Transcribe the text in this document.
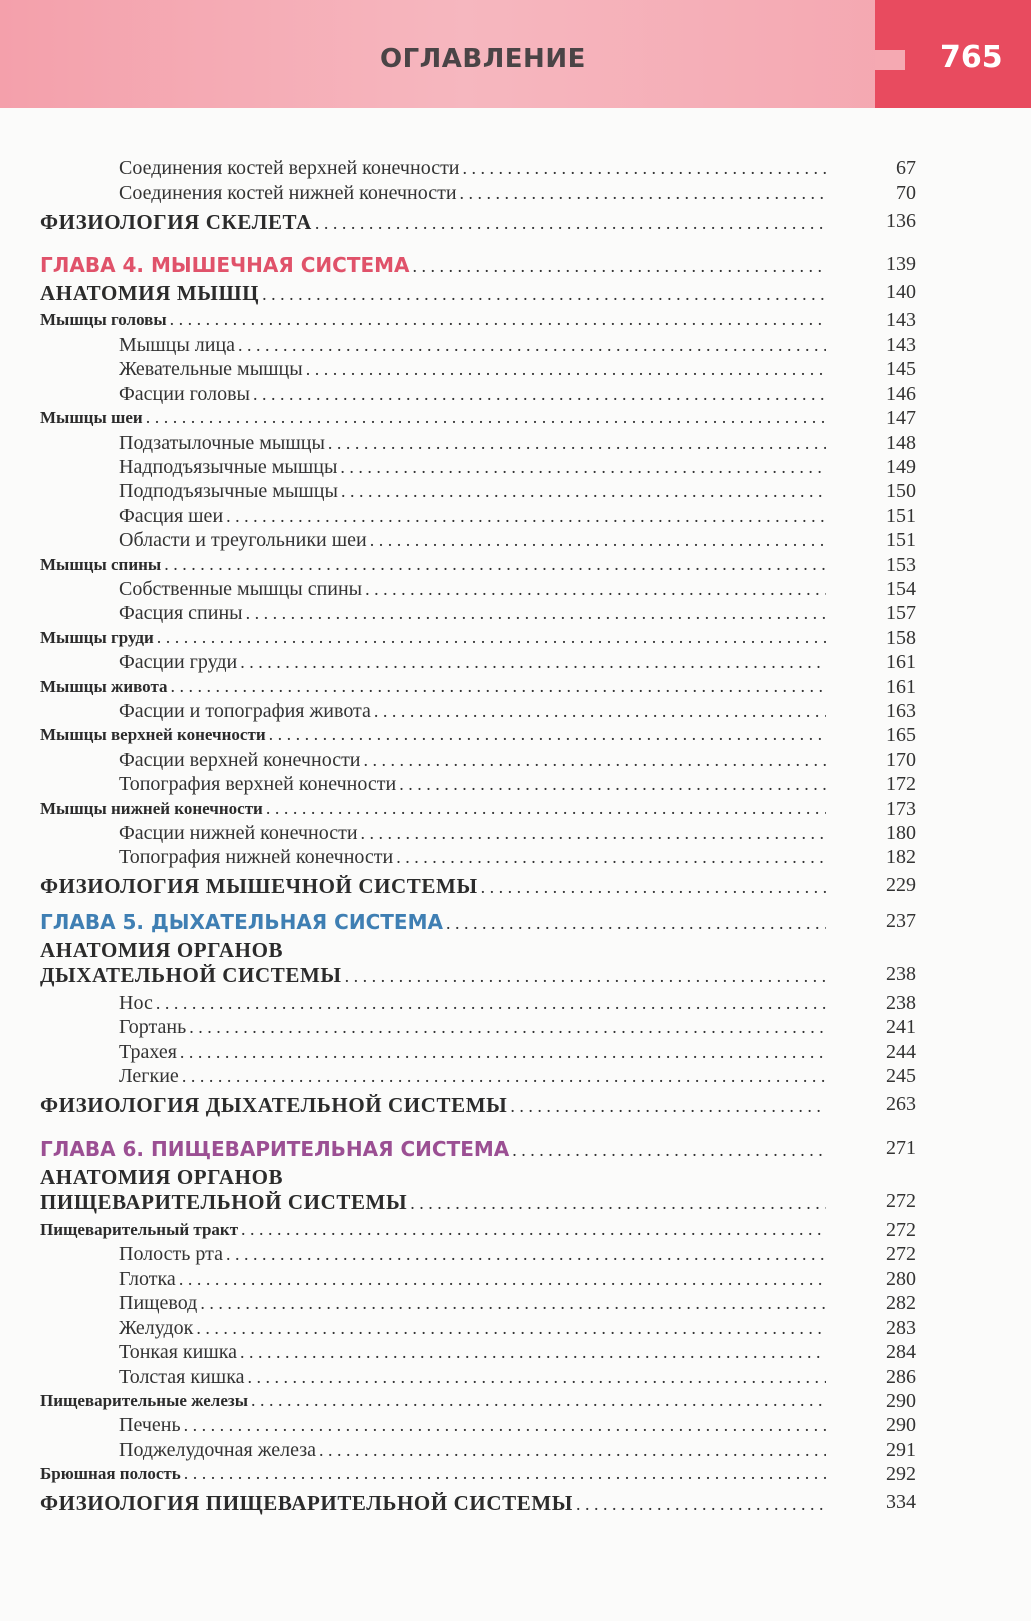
ОГЛАВЛЕНИЕ	765
Соединения костей верхней конечности . . .	67
Соединения костей нижней конечности . . .	70
ФИЗИОЛОГИЯ СКЕЛЕТА . . .	136
ГЛАВА 4. МЫШЕЧНАЯ СИСТЕМА . . .	139
АНАТОМИЯ МЫШЦ . . .	140
Мышцы головы . . .	143
Мышцы лица . . .	143
Жевательные мышцы . . .	145
Фасции головы . . .	146
Мышцы шеи . . .	147
Подзатылочные мышцы . . .	148
Надподъязычные мышцы . . .	149
Подподъязычные мышцы . . .	150
Фасция шеи . . .	151
Области и треугольники шеи . . .	151
Мышцы спины . . .	153
Собственные мышцы спины . . .	154
Фасция спины . . .	157
Мышцы груди . . .	158
Фасции груди . . .	161
Мышцы живота . . .	161
Фасции и топография живота . . .	163
Мышцы верхней конечности . . .	165
Фасции верхней конечности . . .	170
Топография верхней конечности . . .	172
Мышцы нижней конечности . . .	173
Фасции нижней конечности . . .	180
Топография нижней конечности . . .	182
ФИЗИОЛОГИЯ МЫШЕЧНОЙ СИСТЕМЫ . . .	229
ГЛАВА 5. ДЫХАТЕЛЬНАЯ СИСТЕМА . . .	237
АНАТОМИЯ ОРГАНОВ
ДЫХАТЕЛЬНОЙ СИСТЕМЫ . . .	238
Нос . . .	238
Гортань . . .	241
Трахея . . .	244
Легкие . . .	245
ФИЗИОЛОГИЯ ДЫХАТЕЛЬНОЙ СИСТЕМЫ . . .	263
ГЛАВА 6. ПИЩЕВАРИТЕЛЬНАЯ СИСТЕМА . . .	271
АНАТОМИЯ ОРГАНОВ
ПИЩЕВАРИТЕЛЬНОЙ СИСТЕМЫ . . .	272
Пищеварительный тракт . . .	272
Полость рта . . .	272
Глотка . . .	280
Пищевод . . .	282
Желудок . . .	283
Тонкая кишка . . .	284
Толстая кишка . . .	286
Пищеварительные железы . . .	290
Печень . . .	290
Поджелудочная железа . . .	291
Брюшная полость . . .	292
ФИЗИОЛОГИЯ ПИЩЕВАРИТЕЛЬНОЙ СИСТЕМЫ . . .	334
